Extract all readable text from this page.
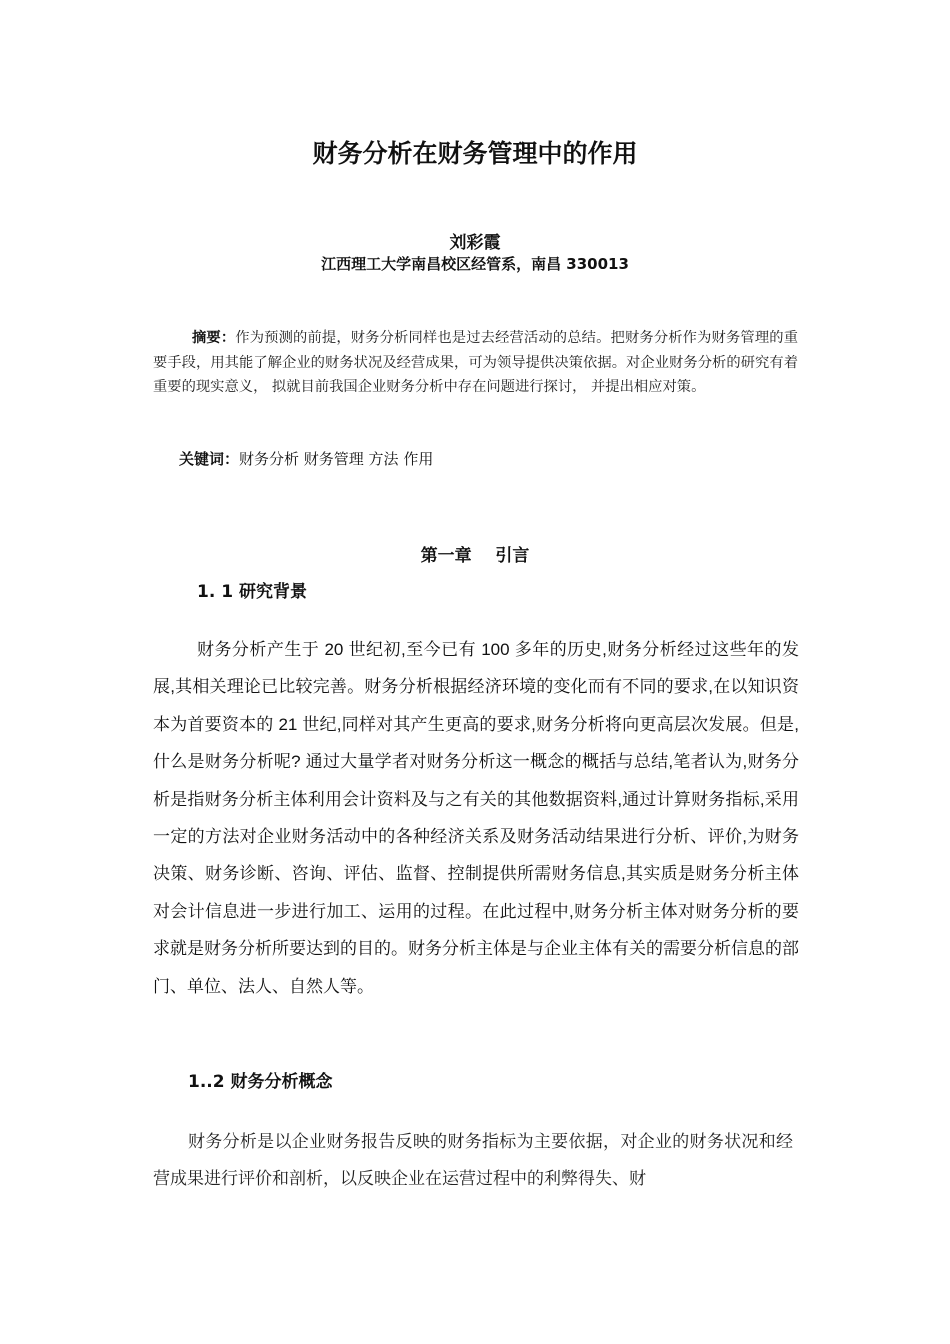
财务分析在财务管理中的作用
刘彩霞
江西理工大学南昌校区经管系，南昌 330013
摘要：作为预测的前提，财务分析同样也是过去经营活动的总结。把财务分析作为财务管理的重要手段，用其能了解企业的财务状况及经营成果，可为领导提供决策依据。对企业财务分析的研究有着重要的现实意义， 拟就目前我国企业财务分析中存在问题进行探讨， 并提出相应对策。
关键词：财务分析 财务管理 方法 作用
第一章    引言
1. 1 研究背景
财务分析产生于 20 世纪初,至今已有 100 多年的历史,财务分析经过这些年的发展,其相关理论已比较完善。财务分析根据经济环境的变化而有不同的要求,在以知识资本为首要资本的 21 世纪,同样对其产生更高的要求,财务分析将向更高层次发展。但是,什么是财务分析呢? 通过大量学者对财务分析这一概念的概括与总结,笔者认为,财务分析是指财务分析主体利用会计资料及与之有关的其他数据资料,通过计算财务指标,采用一定的方法对企业财务活动中的各种经济关系及财务活动结果进行分析、评价,为财务决策、财务诊断、咨询、评估、监督、控制提供所需财务信息,其实质是财务分析主体对会计信息进一步进行加工、运用的过程。在此过程中,财务分析主体对财务分析的要求就是财务分析所要达到的目的。财务分析主体是与企业主体有关的需要分析信息的部门、单位、法人、自然人等。
1..2 财务分析概念
财务分析是以企业财务报告反映的财务指标为主要依据，对企业的财务状况和经营成果进行评价和剖析，以反映企业在运营过程中的利弊得失、财
